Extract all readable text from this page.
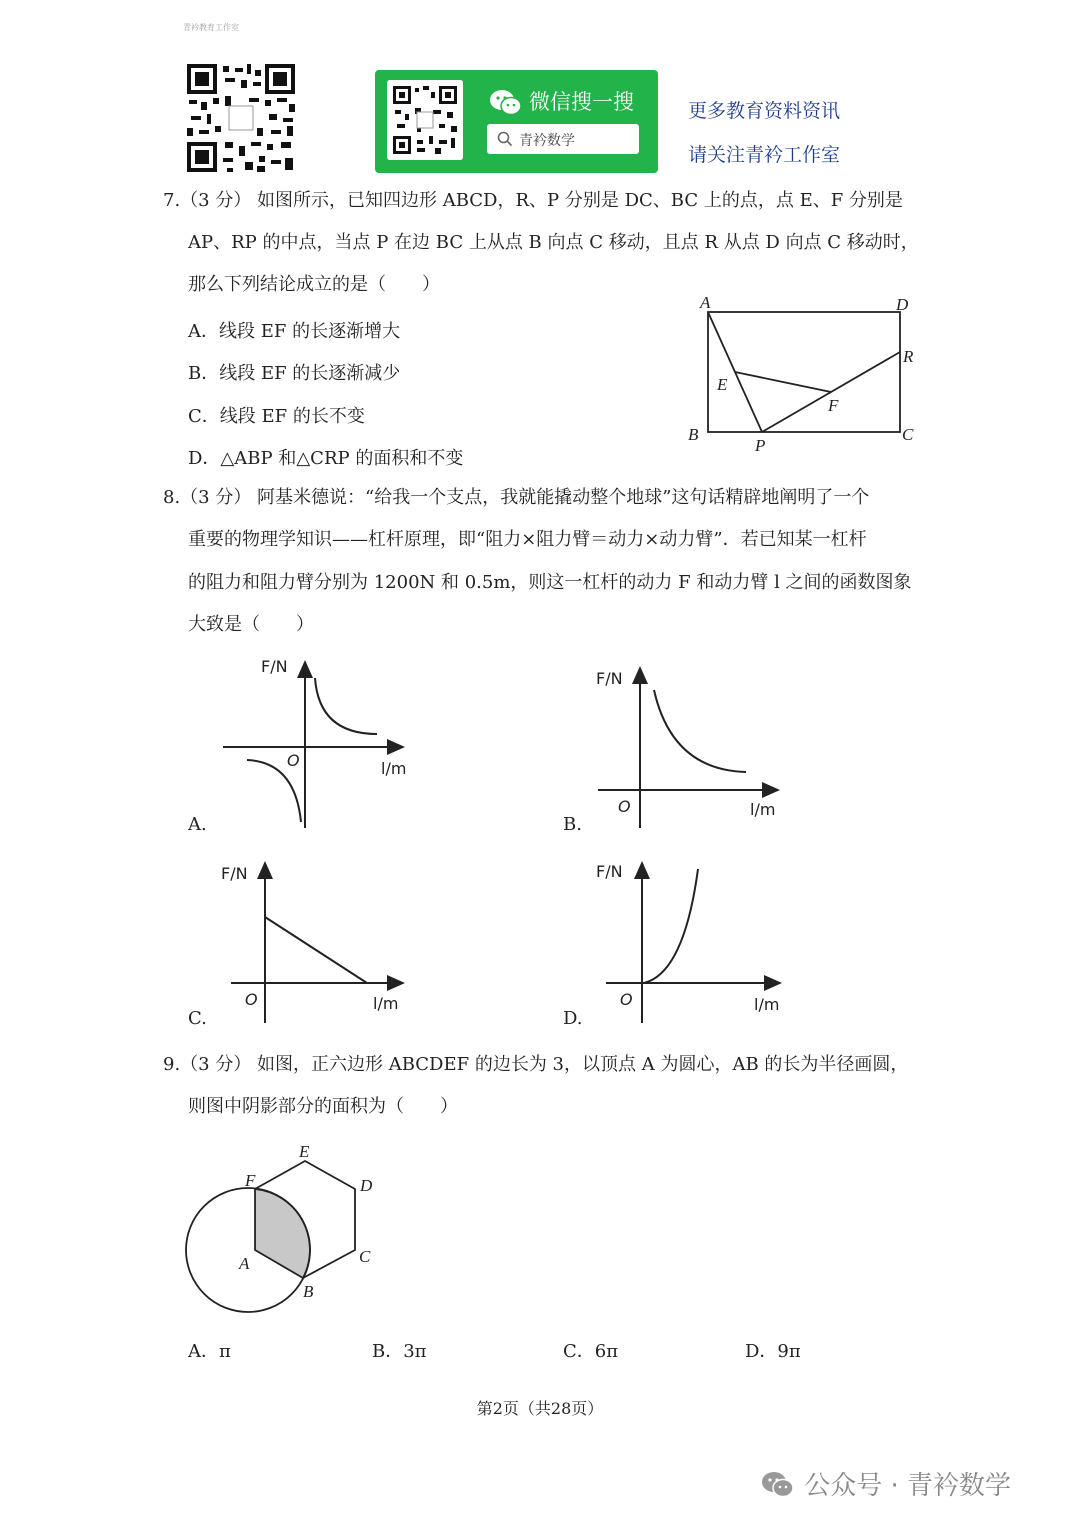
青衿教育工作室
微信搜一搜
青衿数学
更多教育资料资讯
请关注青衿工作室
7.（3 分） 如图所示，已知四边形 ABCD，R、P 分别是 DC、BC 上的点，点 E、F 分别是
AP、RP 的中点，当点 P 在边 BC 上从点 B 向点 C 移动，且点 R 从点 D 向点 C 移动时，
那么下列结论成立的是（　　）
A．线段 EF 的长逐渐增大
B．线段 EF 的长逐渐减少
C．线段 EF 的长不变
D．△ABP 和△CRP 的面积和不变
A	D
R
E
F
B
P
C
8.（3 分） 阿基米德说：“给我一个支点，我就能撬动整个地球”这句话精辟地阐明了一个
重要的物理学知识——杠杆原理，即“阻力×阻力臂＝动力×动力臂”．若已知某一杠杆
的阻力和阻力臂分别为 1200N 和 0.5m，则这一杠杆的动力 F 和动力臂 l 之间的函数图象
大致是（　　）
A.
F/N
l/m
O
B.
F/N
l/m
O
C.
F/N
l/m
O
D.
F/N
l/m
O
9.（3 分） 如图，正六边形 ABCDEF 的边长为 3，以顶点 A 为圆心，AB 的长为半径画圆，
则图中阴影部分的面积为（　　）
E
F	D
C
A
B
A．π	B．3π	C．6π	D．9π
第2页（共28页）
公众号 · 青衿数学
